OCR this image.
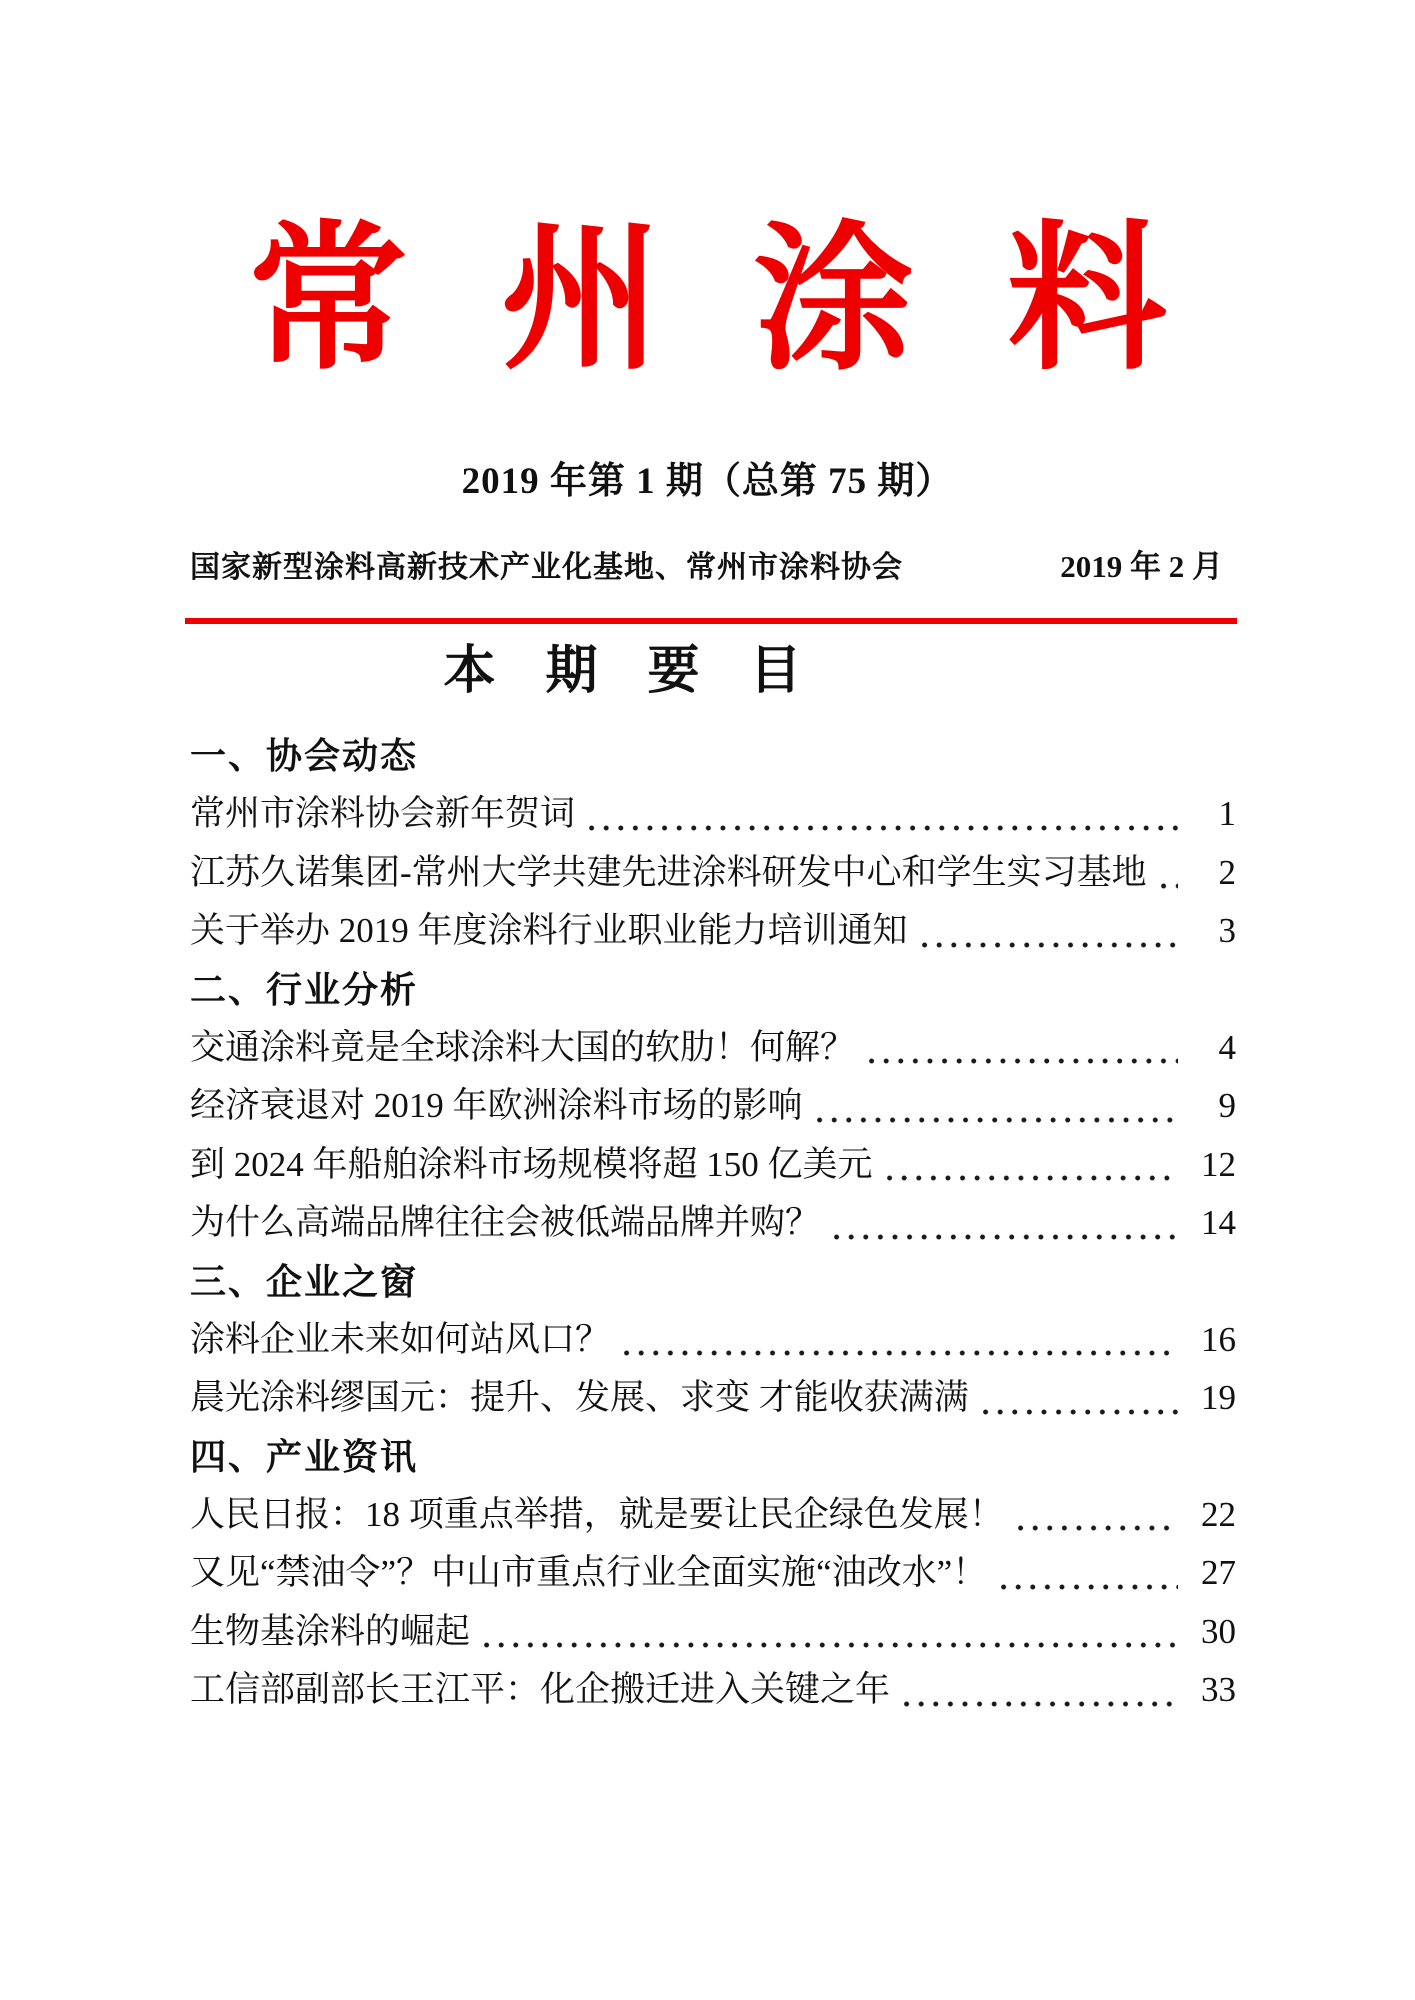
常州涂料
2019 年第 1 期（总第 75 期）
国家新型涂料高新技术产业化基地、常州市涂料协会	2019 年 2 月
本期要目
一、协会动态
常州市涂料协会新年贺词	1
江苏久诺集团-常州大学共建先进涂料研发中心和学生实习基地	2
关于举办 2019 年度涂料行业职业能力培训通知	3
二、行业分析
交通涂料竟是全球涂料大国的软肋！何解？	4
经济衰退对 2019 年欧洲涂料市场的影响	9
到 2024 年船舶涂料市场规模将超 150 亿美元	12
为什么高端品牌往往会被低端品牌并购？	14
三、企业之窗
涂料企业未来如何站风口？	16
晨光涂料缪国元：提升、发展、求变 才能收获满满	19
四、产业资讯
人民日报：18 项重点举措，就是要让民企绿色发展！	22
又见“禁油令”？中山市重点行业全面实施“油改水”！	27
生物基涂料的崛起	30
工信部副部长王江平：化企搬迁进入关键之年	33
